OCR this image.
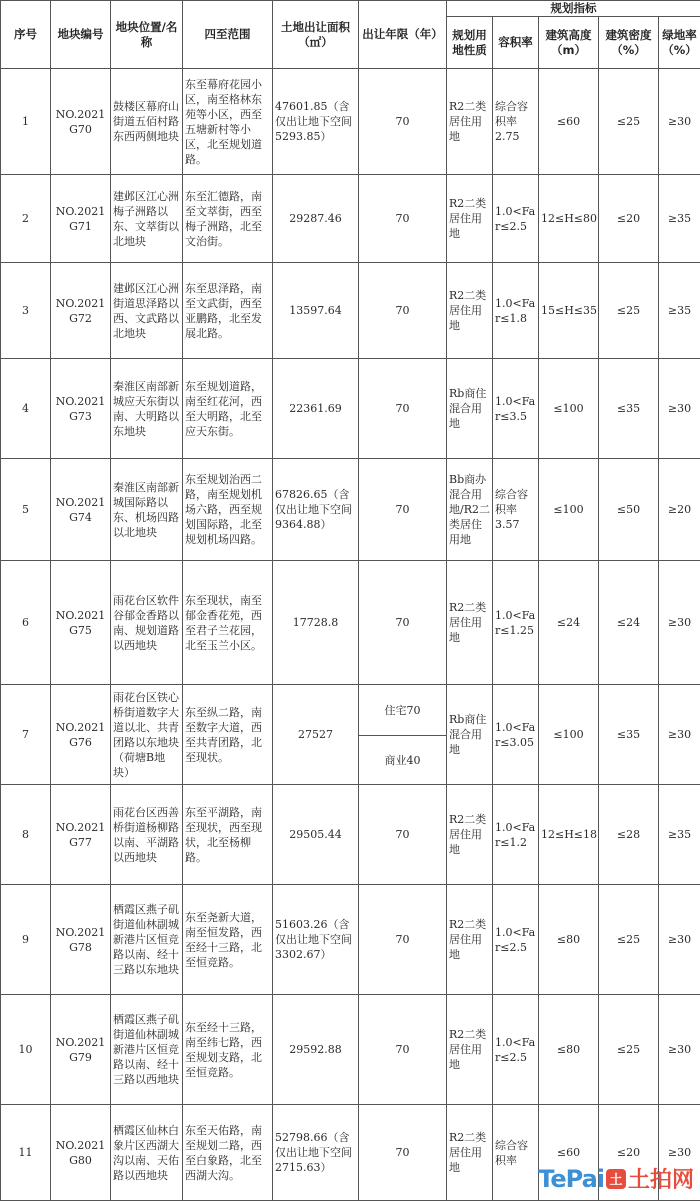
序号	地块编号	地块位置/名称	四至范围	土地出让面积（㎡）	出让年限（年）	规划指标				
						规划用地性质	容积率	建筑高度（m）	建筑密度（%）	绿地率（%）
1	NO.2021G70	鼓楼区幕府山街道五佰村路东西两侧地块	东至幕府花园小区，南至格林东苑等小区，西至五塘新村等小区，北至规划道路。	47601.85（含仅出让地下空间5293.85）	70	R2二类居住用地	综合容积率2.75	≤60	≤25	≥30
2	NO.2021G71	建邺区江心洲梅子洲路以东、文萃街以北地块	东至汇德路，南至文萃街，西至梅子洲路，北至文治街。	29287.46	70	R2二类居住用地	1.0<Far≤2.5	12≤H≤80	≤20	≥35
3	NO.2021G72	建邺区江心洲街道思泽路以西、文武路以北地块	东至思泽路，南至文武街，西至亚鹏路，北至发展北路。	13597.64	70	R2二类居住用地	1.0<Far≤1.8	15≤H≤35	≤25	≥35
4	NO.2021G73	秦淮区南部新城应天东街以南、大明路以东地块	东至规划道路，南至红花河，西至大明路，北至应天东街。	22361.69	70	Rb商住混合用地	1.0<Far≤3.5	≤100	≤35	≥30
5	NO.2021G74	秦淮区南部新城国际路以东、机场四路以北地块	东至规划治西二路，南至规划机场六路，西至规划国际路，北至规划机场四路。	67826.65（含仅出让地下空间9364.88）	70	Bb商办混合用地/R2二类居住用地	综合容积率3.57	≤100	≤50	≥20
6	NO.2021G75	雨花台区软件谷郁金香路以南、规划道路以西地块	东至现状，南至郁金香花苑，西至君子兰花园，北至玉兰小区。	17728.8	70	R2二类居住用地	1.0<Far≤1.25	≤24	≤24	≥30
7	NO.2021G76	雨花台区铁心桥街道数字大道以北、共青团路以东地块（荷塘B地块）	东至纵二路，南至数字大道，西至共青团路，北至现状。	27527	住宅70	Rb商住混合用地	1.0<Far≤3.05	≤100	≤35	≥30
					商业40					
8	NO.2021G77	雨花台区西善桥街道杨柳路以南、平湖路以西地块	东至平湖路，南至现状，西至现状，北至杨柳路。	29505.44	70	R2二类居住用地	1.0<Far≤1.2	12≤H≤18	≤28	≥35
9	NO.2021G78	栖霞区燕子矶街道仙林副城新港片区恒竞路以南、经十三路以东地块	东至尧新大道，南至恒发路，西至经十三路，北至恒竞路。	51603.26（含仅出让地下空间3302.67）	70	R2二类居住用地	1.0<Far≤2.5	≤80	≤25	≥30
10	NO.2021G79	栖霞区燕子矶街道仙林副城新港片区恒竞路以南、经十三路以西地块	东至经十三路，南至纬七路，西至规划支路，北至恒竞路。	29592.88	70	R2二类居住用地	1.0<Far≤2.5	≤80	≤25	≥30
11	NO.2021G80	栖霞区仙林白象片区西湖大沟以南、天佑路以西地块	东至天佑路，南至规划二路，西至白象路，北至西湖大沟。	52798.66（含仅出让地下空间2715.63）	70	R2二类居住用地	综合容积率	≤60	≤20	≥30
TePai 土 土拍网
